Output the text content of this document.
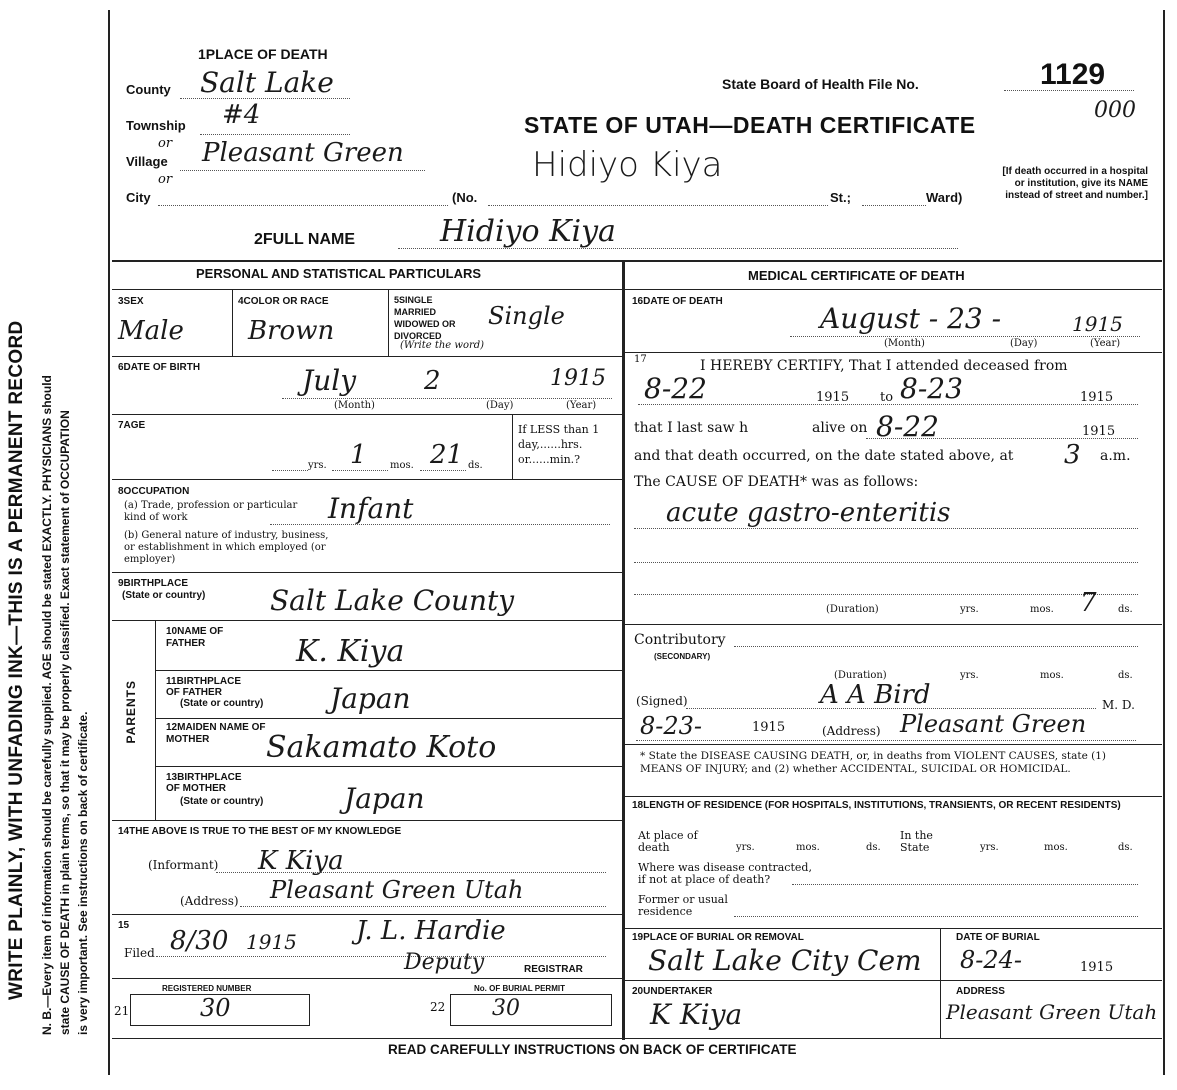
WRITE PLAINLY, WITH UNFADING INK—THIS IS A PERMANENT RECORD N. B.—Every item of information should be carefully supplied. AGE should be stated EXACTLY. PHYSICIANS should state CAUSE OF DEATH in plain terms, so that it may be properly classified. Exact statement of OCCUPATION is very important. See instructions on back of certificate.
1PLACE OF DEATH
County Salt Lake
Township #4
or
Village Pleasant Green
or
City	(No.	St.;	Ward)
State Board of Health File No.	1129
000
STATE OF UTAH—DEATH CERTIFICATE
Hidiyo Kiya	[If death occurred in a hospital or institution, give its NAME instead of street and number.]
2FULL NAME	Hidiyo Kiya
PERSONAL AND STATISTICAL PARTICULARS
3SEX
Male
4COLOR OR RACE
Brown
5SINGLE MARRIED WIDOWED OR DIVORCED
(Write the word)
Single
6DATE OF BIRTH	July	2	1915
(Month)	(Day)	(Year)
7AGE
yrs. 1 mos. 21 ds.
If LESS than 1 day,......hrs. or......min.?
8OCCUPATION
(a) Trade, profession or particular kind of work	Infant
(b) General nature of industry, business, or establishment in which employed (or employer)
9BIRTHPLACE
(State or country) Salt Lake County
PARENTS
10NAME OF FATHER	K. Kiya
11BIRTHPLACE OF FATHER
(State or country) Japan
12MAIDEN NAME OF MOTHER	Sakamato Koto
13BIRTHPLACE OF MOTHER
(State or country)	Japan
14THE ABOVE IS TRUE TO THE BEST OF MY KNOWLEDGE
(Informant) K Kiya
(Address) Pleasant Green Utah
15
Filed 8/30 1915 J. L. Hardie
Deputy	REGISTRAR
21
REGISTERED NUMBER
30	22
No. OF BURIAL PERMIT
30
MEDICAL CERTIFICATE OF DEATH
16DATE OF DEATH
August - 23 -	1915
(Month)	(Day)	(Year)
17	I HEREBY CERTIFY, That I attended deceased from
8-22	1915 to 8-23	1915
that I last saw h	alive on 8-22	1915
and that death occurred, on the date stated above, at 3 a.m.
The CAUSE OF DEATH* was as follows:
acute gastro-enteritis
(Duration)	yrs.	mos. 7 ds.
Contributory
(SECONDARY)
(Duration)	yrs.	mos.	ds.
(Signed)	A A Bird	M. D.
8-23-	1915	(Address) Pleasant Green
* State the DISEASE CAUSING DEATH, or, in deaths from VIOLENT CAUSES, state (1) MEANS OF INJURY; and (2) whether ACCIDENTAL, SUICIDAL OR HOMICIDAL.
18LENGTH OF RESIDENCE (FOR HOSPITALS, INSTITUTIONS, TRANSIENTS, OR RECENT RESIDENTS)
At place of death	yrs.	mos.	ds.
In the State	yrs.	mos.	ds.
Where was disease contracted, if not at place of death?
Former or usual residence
19PLACE OF BURIAL OR REMOVAL
Salt Lake City Cem
DATE OF BURIAL
8-24-	1915
20UNDERTAKER
K Kiya
ADDRESS
Pleasant Green Utah
READ CAREFULLY INSTRUCTIONS ON BACK OF CERTIFICATE
